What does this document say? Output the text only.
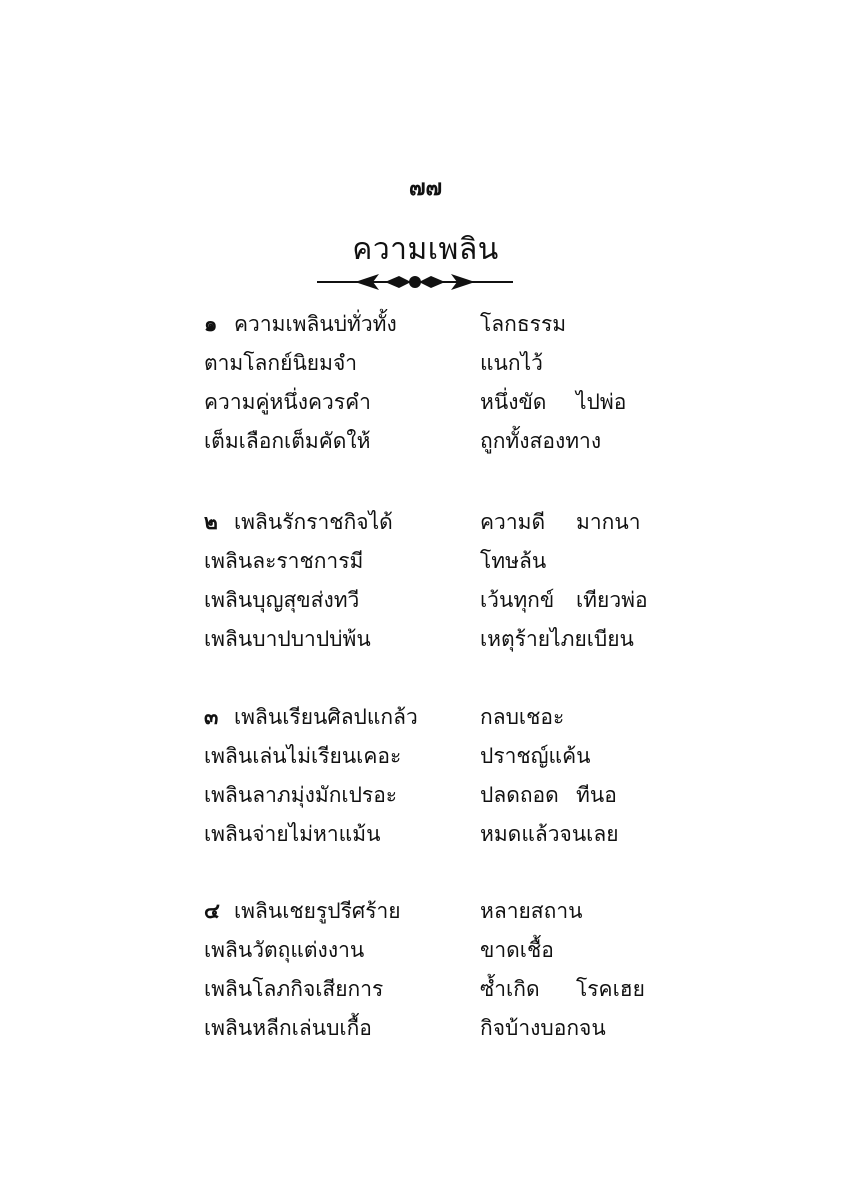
๗๗
ความเพลิน
๑ ความเพลินบ่ทั่วทั้ง	โลกธรรม
ตามโลกย์นิยมจำ	แนกไว้
ความคู่หนึ่งควรคำ	หนึ่งขัด ไปพ่อ
เต็มเลือกเต็มคัดให้	ถูกทั้งสองทาง
๒ เพลินรักราชกิจได้	ความดี มากนา
เพลินละราชการมี	โทษล้น
เพลินบุญสุขส่งทวี	เว้นทุกข์ เทียวพ่อ
เพลินบาปบาปบ่พ้น	เหตุร้ายไภยเบียน
๓ เพลินเรียนศิลปแกล้ว	กลบเชอะ
เพลินเล่นไม่เรียนเคอะ	ปราชญ์แค้น
เพลินลาภมุ่งมักเปรอะ	ปลดถอด ทีนอ
เพลินจ่ายไม่หาแม้น	หมดแล้วจนเลย
๔ เพลินเชยรูปรีศร้าย	หลายสถาน
เพลินวัตถุแต่งงาน	ขาดเชื้อ
เพลินโลภกิจเสียการ	ซ้ำเกิด โรคเฮย
เพลินหลีกเล่นบเกื้อ	กิจบ้างบอกจน
